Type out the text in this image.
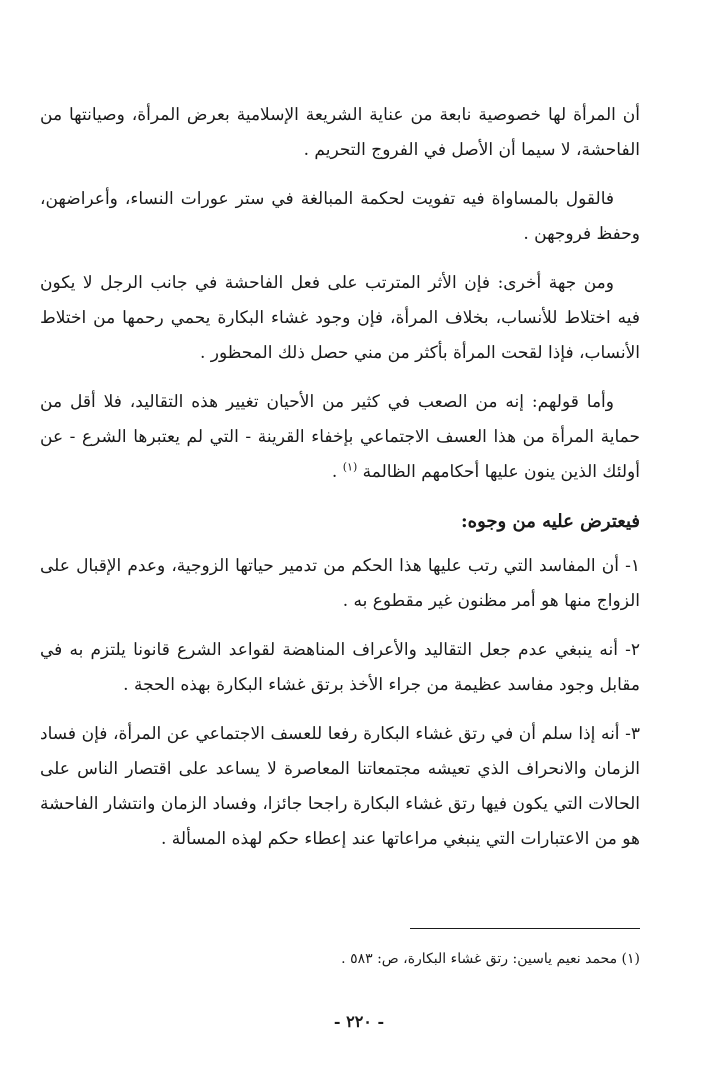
أن المرأة لها خصوصية نابعة من عناية الشريعة الإسلامية بعرض المرأة، وصيانتها من الفاحشة، لا سيما أن الأصل في الفروج التحريم .

فالقول بالمساواة فيه تفويت لحكمة المبالغة في ستر عورات النساء، وأعراضهن، وحفظ فروجهن .

ومن جهة أخرى: فإن الأثر المترتب على فعل الفاحشة في جانب الرجل لا يكون فيه اختلاط للأنساب، بخلاف المرأة، فإن وجود غشاء البكارة يحمي رحمها من اختلاط الأنساب، فإذا لقحت المرأة بأكثر من مني حصل ذلك المحظور .

وأما قولهم: إنه من الصعب في كثير من الأحيان تغيير هذه التقاليد، فلا أقل من حماية المرأة من هذا العسف الاجتماعي بإخفاء القرينة - التي لم يعتبرها الشرع - عن أولئك الذين ينون عليها أحكامهم الظالمة $^{(١)}$ .

فيعترض عليه من وجوه:

١- أن المفاسد التي رتب عليها هذا الحكم من تدمير حياتها الزوجية، وعدم الإقبال على الزواج منها هو أمر مظنون غير مقطوع به .

٢- أنه ينبغي عدم جعل التقاليد والأعراف المناهضة لقواعد الشرع قانونا يلتزم به في مقابل وجود مفاسد عظيمة من جراء الأخذ برتق غشاء البكارة بهذه الحجة .

٣- أنه إذا سلم أن في رتق غشاء البكارة رفعا للعسف الاجتماعي عن المرأة، فإن فساد الزمان والانحراف الذي تعيشه مجتمعاتنا المعاصرة لا يساعد على اقتصار الناس على الحالات التي يكون فيها رتق غشاء البكارة راجحا جائزا، وفساد الزمان وانتشار الفاحشة هو من الاعتبارات التي ينبغي مراعاتها عند إعطاء حكم لهذه المسألة .

(١) محمد نعيم ياسين: رتق غشاء البكارة، ص: ٥٨٣ .
- ٢٢٠ -
